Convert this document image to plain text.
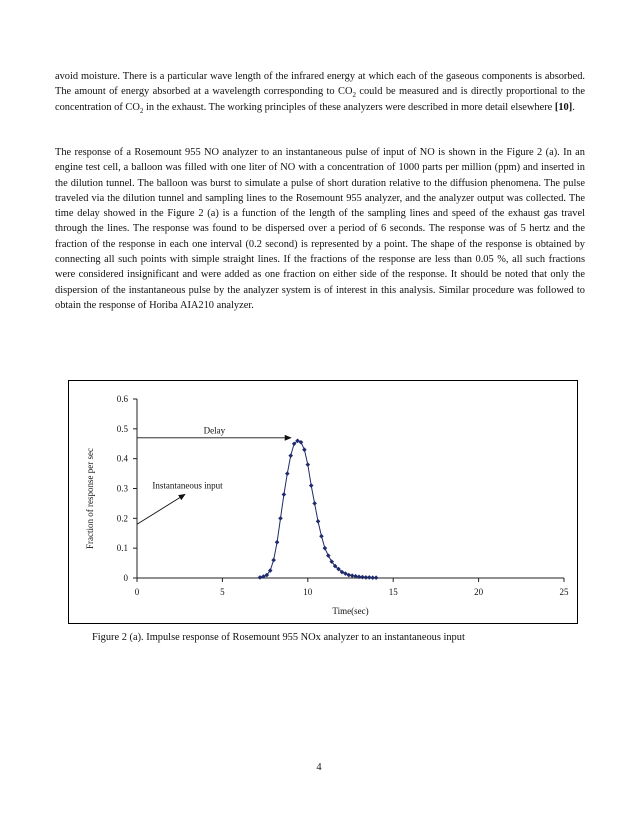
avoid moisture. There is a particular wave length of the infrared energy at which each of the gaseous components is absorbed. The amount of energy absorbed at a wavelength corresponding to $CO_2$ could be measured and is directly proportional to the concentration of $CO_2$ in the exhaust. The working principles of these analyzers were described in more detail elsewhere [10].

The response of a Rosemount 955 NO analyzer to an instantaneous pulse of input of NO is shown in the Figure 2 (a). In an engine test cell, a balloon was filled with one liter of NO with a concentration of 1000 parts per million (ppm) and inserted in the dilution tunnel. The balloon was burst to simulate a pulse of short duration relative to the diffusion phenomena. The pulse traveled via the dilution tunnel and sampling lines to the Rosemount 955 analyzer, and the analyzer output was collected. The time delay showed in the Figure 2 (a) is a function of the length of the sampling lines and speed of the exhaust gas travel through the lines. The response was found to be dispersed over a period of 6 seconds. The response was of 5 hertz and the fraction of the response in each one interval (0.2 second) is represented by a point. The shape of the response is obtained by connecting all such points with simple straight lines. If the fractions of the response are less than 0.05 %, all such fractions were considered insignificant and were added as one fraction on either side of the response. It should be noted that only the dispersion of the instantaneous pulse by the analyzer system is of interest in this analysis. Similar procedure was followed to obtain the response of Horiba AIA210 analyzer.

0	5	10	15	20	25
0
0.1
0.2
0.3
0.4
0.5
0.6
Time(sec)
Fraction of response per sec
Delay
Instantaneous input
Figure 2 (a). Impulse response of Rosemount 955 NOx analyzer to an instantaneous input
4
